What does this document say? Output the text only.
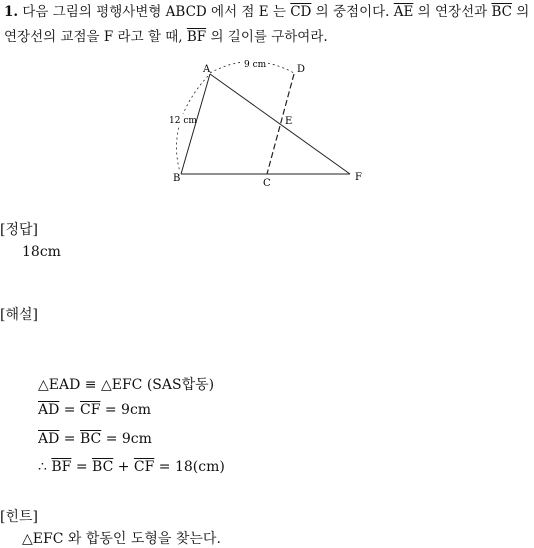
1. 다음 그림의 평행사변형 ABCD 에서 점 E 는 $\overline{CD}$ 의 중점이다. $\overline{AE}$ 의 연장선과 $\overline{BC}$ 의 연장선의 교점을 F 라고 할 때, $\overline{BF}$ 의 길이를 구하여라.
9 cm
12 cm
A
B	C
D
E
F
[정답]
18cm
[해설]
△EAD ≡ △EFC (SAS합동)
$\overline{AD} = \overline{CF} = 9cm$
$\overline{AD} = \overline{BC} = 9cm$
∴ $\overline{BF} = \overline{BC} + \overline{CF} = 18(cm)$
[힌트]
△EFC 와 합동인 도형을 찾는다.
